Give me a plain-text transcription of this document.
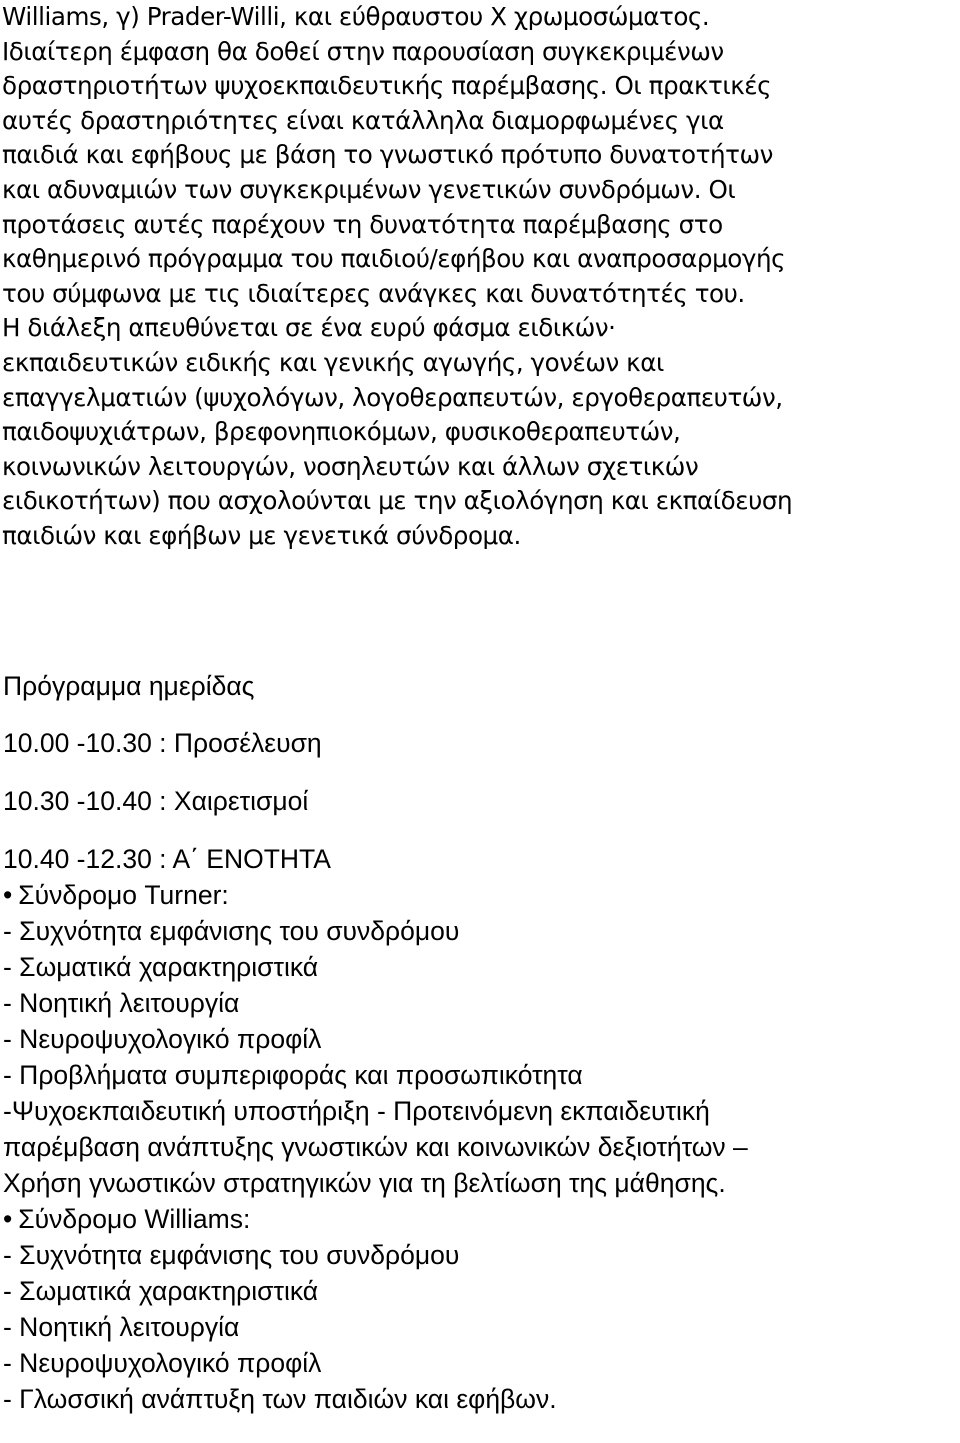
Williams, γ) Prader-Willi, και εύθραυστου Χ χρωμοσώματος.
Ιδιαίτερη έμφαση θα δοθεί στην παρουσίαση συγκεκριμένων
δραστηριοτήτων ψυχοεκπαιδευτικής παρέμβασης. Οι πρακτικές
αυτές δραστηριότητες είναι κατάλληλα διαμορφωμένες για
παιδιά και εφήβους με βάση το γνωστικό πρότυπο δυνατοτήτων
και αδυναμιών των συγκεκριμένων γενετικών συνδρόμων. Οι
προτάσεις αυτές παρέχουν τη δυνατότητα παρέμβασης στο
καθημερινό πρόγραμμα του παιδιού/εφήβου και αναπροσαρμογής
του σύμφωνα με τις ιδιαίτερες ανάγκες και δυνατότητές του.
Η διάλεξη απευθύνεται σε ένα ευρύ φάσμα ειδικών·
εκπαιδευτικών ειδικής και γενικής αγωγής, γονέων και
επαγγελματιών (ψυχολόγων, λογοθεραπευτών, εργοθεραπευτών,
παιδοψυχιάτρων, βρεφονηπιοκόμων, φυσικοθεραπευτών,
κοινωνικών λειτουργών, νοσηλευτών και άλλων σχετικών
ειδικοτήτων) που ασχολούνται με την αξιολόγηση και εκπαίδευση
παιδιών και εφήβων με γενετικά σύνδρομα.
Πρόγραμμα ημερίδας
10.00 -10.30 : Προσέλευση
10.30 -10.40 : Χαιρετισμοί
10.40 -12.30 : Α΄ ΕΝΟΤΗΤΑ
• Σύνδρομο Turner:
- Συχνότητα εμφάνισης του συνδρόμου
- Σωματικά χαρακτηριστικά
- Νοητική λειτουργία
- Νευροψυχολογικό προφίλ
- Προβλήματα συμπεριφοράς και προσωπικότητα
-Ψυχοεκπαιδευτική υποστήριξη - Προτεινόμενη εκπαιδευτική
παρέμβαση ανάπτυξης γνωστικών και κοινωνικών δεξιοτήτων –
Χρήση γνωστικών στρατηγικών για τη βελτίωση της μάθησης.
• Σύνδρομο Williams:
- Συχνότητα εμφάνισης του συνδρόμου
- Σωματικά χαρακτηριστικά
- Νοητική λειτουργία
- Νευροψυχολογικό προφίλ
- Γλωσσική ανάπτυξη των παιδιών και εφήβων.
